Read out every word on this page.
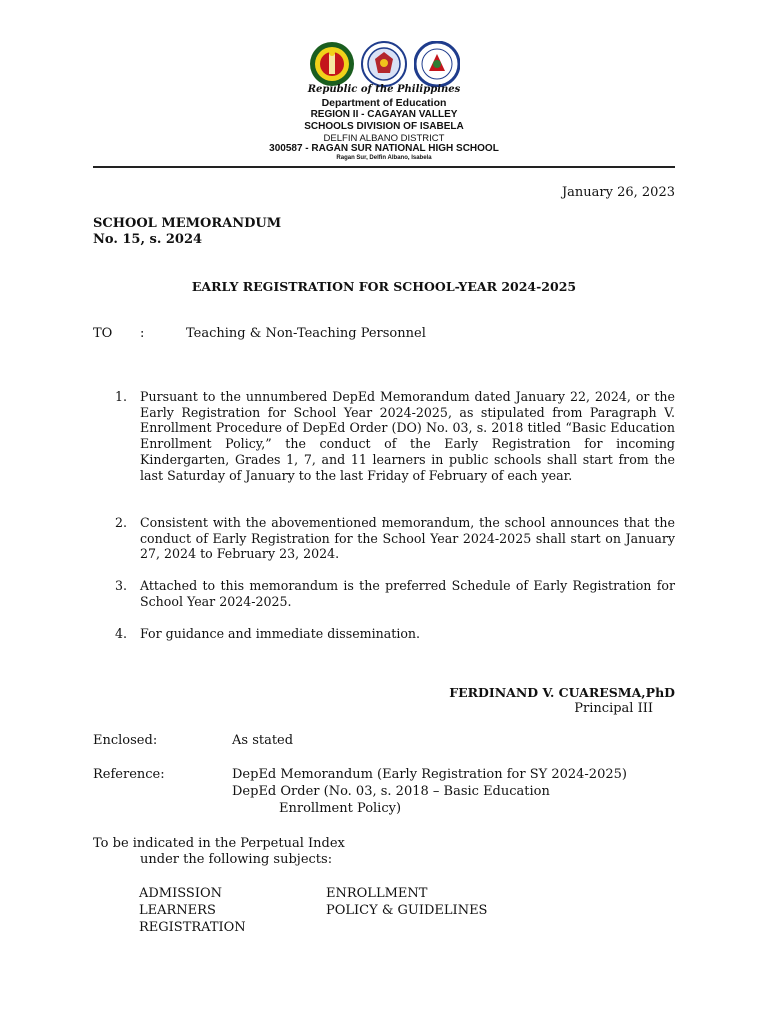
Republic of the Philippines
Department of Education
REGION II - CAGAYAN VALLEY
SCHOOLS DIVISION OF ISABELA
DELFIN ALBANO DISTRICT
300587 - RAGAN SUR NATIONAL HIGH SCHOOL
Ragan Sur, Delfin Albano, Isabela
January 26, 2023
SCHOOL MEMORANDUM
No. 15, s. 2024
EARLY REGISTRATION FOR SCHOOL-YEAR 2024-2025
TO :	Teaching & Non-Teaching Personnel
1.	Pursuant to the unnumbered DepEd Memorandum dated January 22, 2024, or the Early Registration for School Year 2024-2025, as stipulated from Paragraph V. Enrollment Procedure of DepEd Order (DO) No. 03, s. 2018 titled “Basic Education Enrollment Policy,” the conduct of the Early Registration for incoming Kindergarten, Grades 1, 7, and 11 learners in public schools shall start from the last Saturday of January to the last Friday of February of each year.
2.	Consistent with the abovementioned memorandum, the school announces that the conduct of Early Registration for the School Year 2024-2025 shall start on January 27, 2024 to February 23, 2024.
3.	Attached to this memorandum is the preferred Schedule of Early Registration for School Year 2024-2025.
4.	For guidance and immediate dissemination.
FERDINAND V. CUARESMA,PhD
Principal III
Enclosed:	As stated
Reference:	DepEd Memorandum (Early Registration for SY 2024-2025)
DepEd Order (No. 03, s. 2018 – Basic Education
Enrollment Policy)
To be indicated in the Perpetual Index
under the following subjects:
ADMISSION
LEARNERS
REGISTRATION
ENROLLMENT
POLICY & GUIDELINES
